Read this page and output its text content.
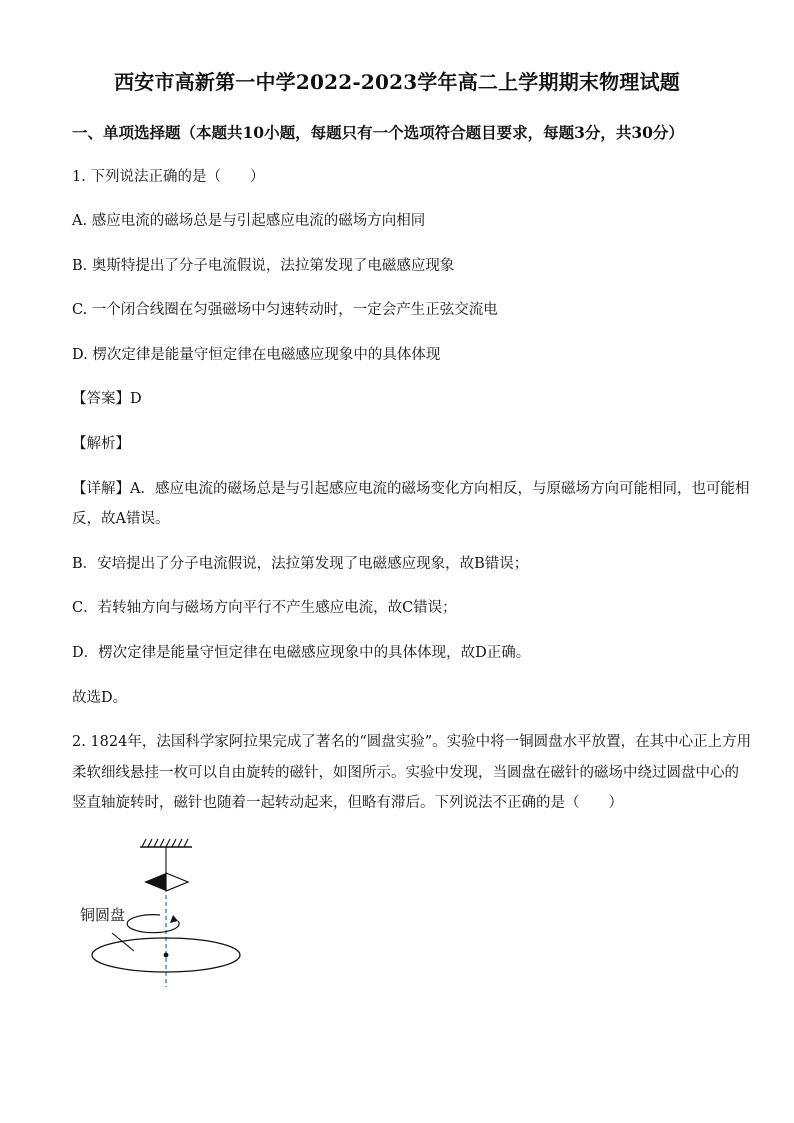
西安市高新第一中学2022-2023学年高二上学期期末物理试题
一、单项选择题（本题共10小题，每题只有一个选项符合题目要求，每题3分，共30分）
1. 下列说法正确的是（　　）
A. 感应电流的磁场总是与引起感应电流的磁场方向相同
B. 奥斯特提出了分子电流假说，法拉第发现了电磁感应现象
C. 一个闭合线圈在匀强磁场中匀速转动时，一定会产生正弦交流电
D. 楞次定律是能量守恒定律在电磁感应现象中的具体体现
【答案】D
【解析】
【详解】A．感应电流的磁场总是与引起感应电流的磁场变化方向相反，与原磁场方向可能相同，也可能相
反，故A错误。
B．安培提出了分子电流假说，法拉第发现了电磁感应现象，故B错误；
C．若转轴方向与磁场方向平行不产生感应电流，故C错误；
D．楞次定律是能量守恒定律在电磁感应现象中的具体体现，故D正确。
故选D。
2. 1824年，法国科学家阿拉果完成了著名的“圆盘实验”。实验中将一铜圆盘水平放置，在其中心正上方用
柔软细线悬挂一枚可以自由旋转的磁针，如图所示。实验中发现，当圆盘在磁针的磁场中绕过圆盘中心的
竖直轴旋转时，磁针也随着一起转动起来，但略有滞后。下列说法不正确的是（　　）
铜圆盘
